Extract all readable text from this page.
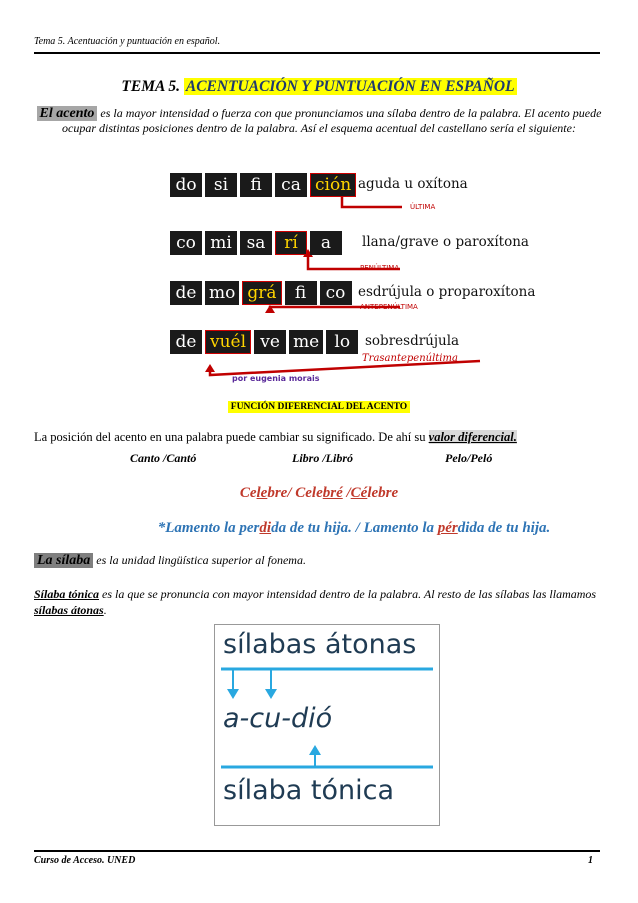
Tema 5. Acentuación y puntuación en español.
TEMA 5. ACENTUACIÓN Y PUNTUACIÓN EN ESPAÑOL
El acento es la mayor intensidad o fuerza con que pronunciamos una sílaba dentro de la palabra. El acento puede ocupar distintas posiciones dentro de la palabra. Así el esquema acentual del castellano sería el siguiente:
do	si	fi	ca ción aguda u oxítona
ÚLTIMA
co mi sa	rí	a	llana/grave o paroxítona
PENÚLTIMA
de mo grá	fi	co esdrújula o proparoxítona
ANTEPENÚLTIMA
de vuél ve me lo	sobresdrújula
Trasantepenúltima
por eugenia morais
FUNCIÓN DIFERENCIAL DEL ACENTO
La posición del acento en una palabra puede cambiar su significado. De ahí su valor diferencial.
Canto /Cantó	Libro /Libró	Pelo/Peló
Celebre/ Celebré /Célebre
*Lamento la perdida de tu hija. / Lamento la pérdida de tu hija.
La sílaba es la unidad lingüística superior al fonema.
Sílaba tónica es la que se pronuncia con mayor intensidad dentro de la palabra. Al resto de las sílabas las llamamos sílabas átonas.
sílabas átonas
a-cu-dió
sílaba tónica
Curso de Acceso. UNED	1
